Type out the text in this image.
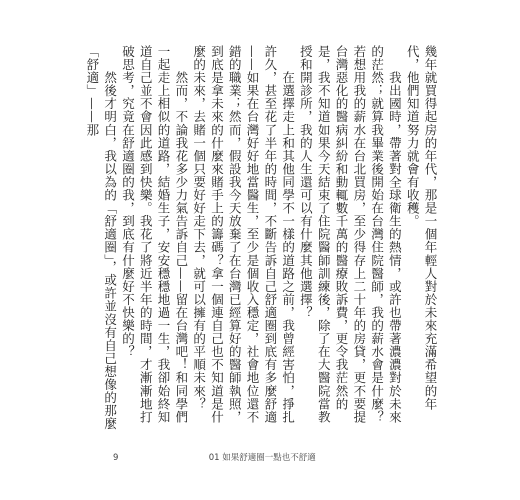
幾年就買得起房的年代，那是一個年輕人對於未來充滿希望的年代，他們知道努力就會有收穫。

　　我出國時，帶著對全球衛生的熱情，或許也帶著濃濃對於未來的茫然；就算我畢業後開始在台灣住院醫師，我的薪水會是什麼？若想用我的薪水在台北買房，至少得存上二十年的房貸，更不要提台灣惡化的醫病糾紛和動輒數千萬的醫療敗訴費，更令我茫然的是，我不知道如果今天結束了住院醫師訓練後，除了在大醫院當教授和開診所，我的人生還可以有什麼其他選擇？

　　在選擇走上和其他同學不一樣的道路之前，我曾經害怕，掙扎許久，甚至花了半年的時間，不斷告訴自己舒適圈到底有多麼舒適——如果在台灣好好地當醫生，至少是個收入穩定，社會地位還不錯的職業；然而，假設我今天放棄了在台灣已經算好的醫師執照，到底是拿未來的什麼來賭手上的籌碼？拿一個連自己也不知道是什麼的未來，去賭一個只要好好走下去，就可以擁有的平順未來？

　　然而，不論我花多少力氣告訴自己——留在台灣吧！和同學們一起走上相似的道路，結婚生子，安安穩穩地過一生，我卻始終知道自己並不會因此感到快樂。我花了將近半年的時間，才漸漸地打破思考，究竟在舒適圈的我，到底有什麼好不快樂的？

　　然後才明白，我以為的「舒適圈」，或許並沒有自己想像的那麼「舒適」——那

9	01 如果舒適圈一點也不舒適
